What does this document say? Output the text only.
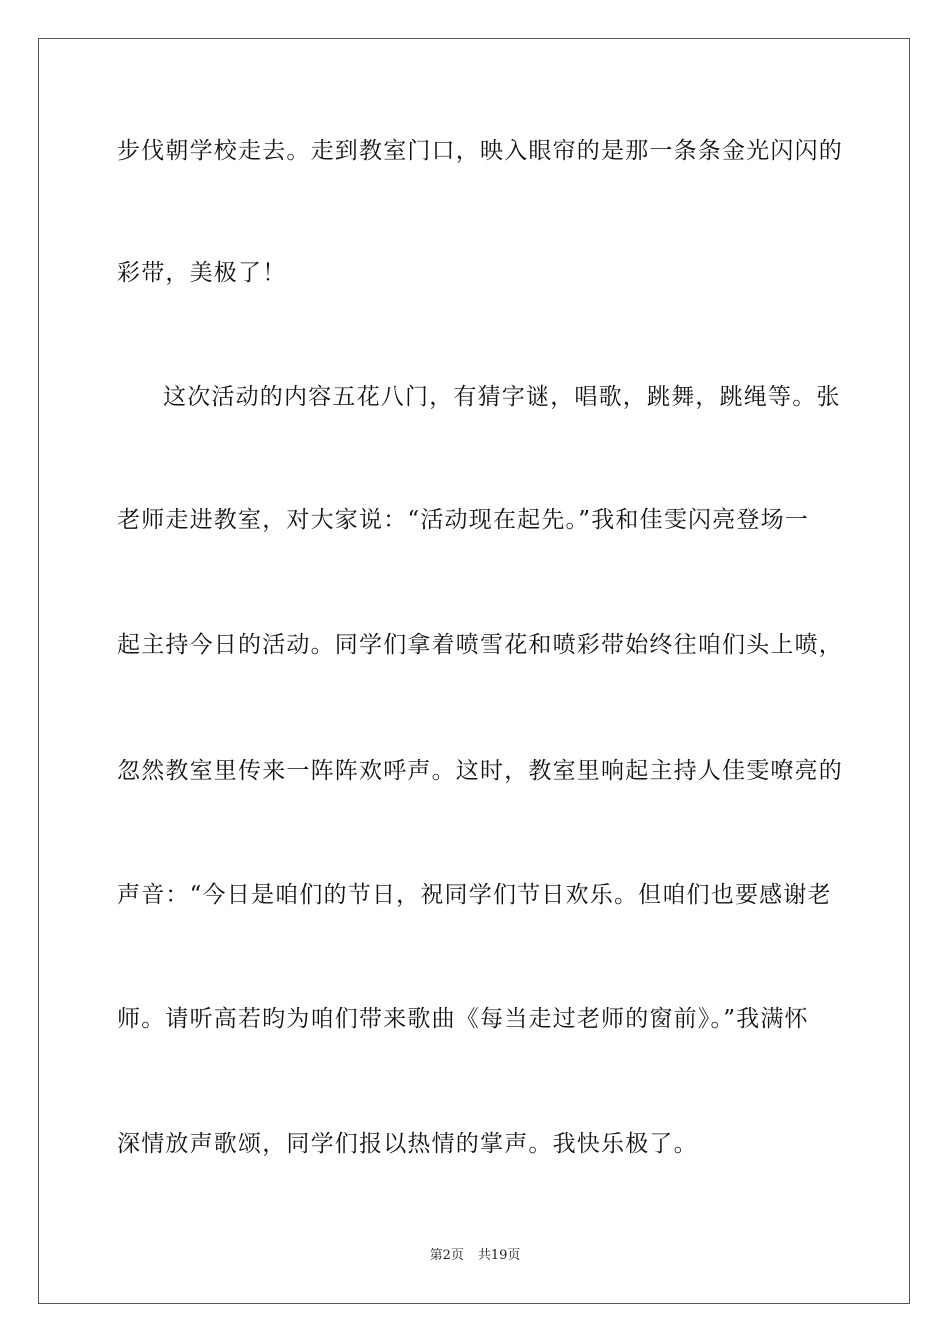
步伐朝学校走去。走到教室门口，映入眼帘的是那一条条金光闪闪的
彩带，美极了！
这次活动的内容五花八门，有猜字谜，唱歌，跳舞，跳绳等。张
老师走进教室，对大家说：“活动现在起先。”我和佳雯闪亮登场一
起主持今日的活动。同学们拿着喷雪花和喷彩带始终往咱们头上喷，
忽然教室里传来一阵阵欢呼声。这时，教室里响起主持人佳雯嘹亮的
声音：“今日是咱们的节日，祝同学们节日欢乐。但咱们也要感谢老
师。请听高若昀为咱们带来歌曲《每当走过老师的窗前》。”我满怀
深情放声歌颂，同学们报以热情的掌声。我快乐极了。
第2页 共19页
